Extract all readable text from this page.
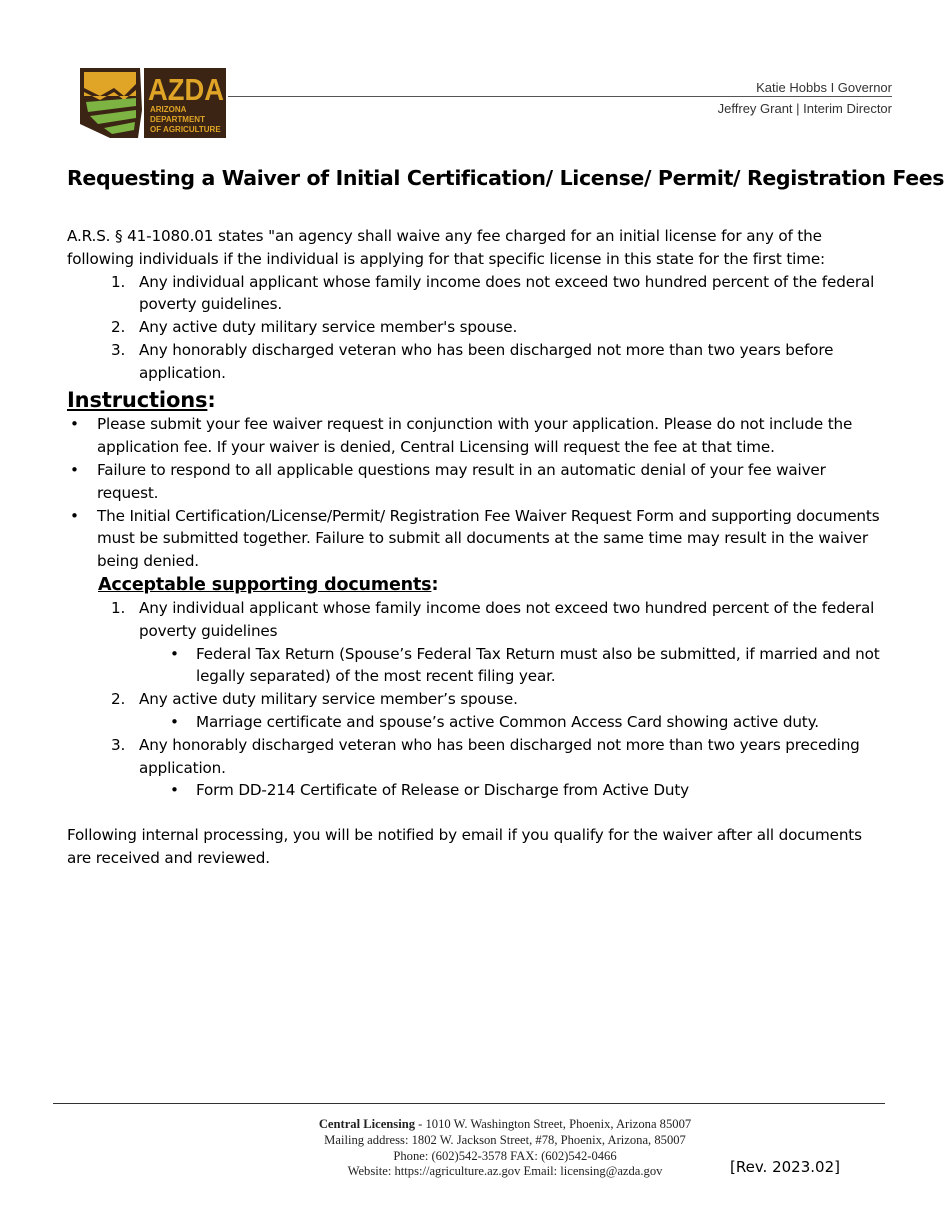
AZDA
ARIZONA
DEPARTMENT
OF AGRICULTURE
Katie Hobbs I Governor
Jeffrey Grant | Interim Director
Requesting a Waiver of Initial Certification/ License/ Permit/ Registration Fees

A.R.S. § 41-1080.01 states "an agency shall waive any fee charged for an initial license for any of the following individuals if the individual is applying for that specific license in this state for the first time:

1. Any individual applicant whose family income does not exceed two hundred percent of the federal poverty guidelines.
2. Any active duty military service member's spouse.
3. Any honorably discharged veteran who has been discharged not more than two years before application.
Instructions:
• Please submit your fee waiver request in conjunction with your application. Please do not include the application fee. If your waiver is denied, Central Licensing will request the fee at that time.
• Failure to respond to all applicable questions may result in an automatic denial of your fee waiver request.
• The Initial Certification/License/Permit/ Registration Fee Waiver Request Form and supporting documents must be submitted together. Failure to submit all documents at the same time may result in the waiver being denied.
Acceptable supporting documents:
1. Any individual applicant whose family income does not exceed two hundred percent of the federal poverty guidelines
• Federal Tax Return (Spouse’s Federal Tax Return must also be submitted, if married and not legally separated) of the most recent filing year.
2. Any active duty military service member’s spouse.
• Marriage certificate and spouse’s active Common Access Card showing active duty.
3. Any honorably discharged veteran who has been discharged not more than two years preceding application.
• Form DD-214 Certificate of Release or Discharge from Active Duty

Following internal processing, you will be notified by email if you qualify for the waiver after all documents are received and reviewed.

Central Licensing - 1010 W. Washington Street, Phoenix, Arizona 85007
Mailing address: 1802 W. Jackson Street, #78, Phoenix, Arizona, 85007
Phone: (602)542-3578 FAX: (602)542-0466
Website: https://agriculture.az.gov Email: licensing@azda.gov	[Rev. 2023.02]
